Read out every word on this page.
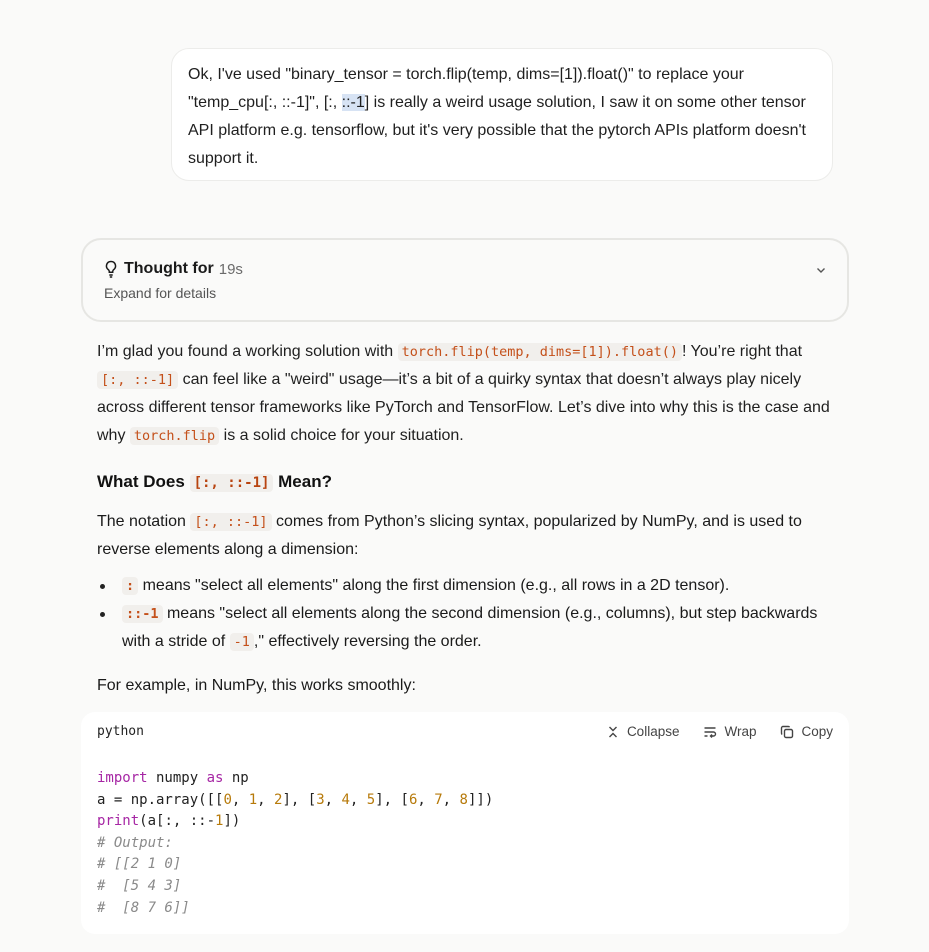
Ok, I've used "binary_tensor = torch.flip(temp, dims=[1]).float()" to replace your "temp_cpu[:, ::-1]", [:, ::-1] is really a weird usage solution, I saw it on some other tensor API platform e.g. tensorflow, but it's very possible that the pytorch APIs platform doesn't support it.

Thought for 19s
Expand for details

I’m glad you found a working solution with torch.flip(temp, dims=[1]).float() ! You’re right that [:, ::-1] can feel like a "weird" usage—it’s a bit of a quirky syntax that doesn’t always play nicely across different tensor frameworks like PyTorch and TensorFlow. Let’s dive into why this is the case and why torch.flip is a solid choice for your situation.

What Does [:, ::-1] Mean?

The notation [:, ::-1] comes from Python’s slicing syntax, popularized by NumPy, and is used to reverse elements along a dimension:

: means "select all elements" along the first dimension (e.g., all rows in a 2D tensor).
::-1 means "select all elements along the second dimension (e.g., columns), but step backwards with a stride of -1 ," effectively reversing the order.

For example, in NumPy, this works smoothly:

python	Collapse	Wrap	Copy
import numpy as np
a = np.array([[0, 1, 2], [3, 4, 5], [6, 7, 8]])
print(a[:, ::-1])
# Output:
# [[2 1 0]
#  [5 4 3]
#  [8 7 6]]
